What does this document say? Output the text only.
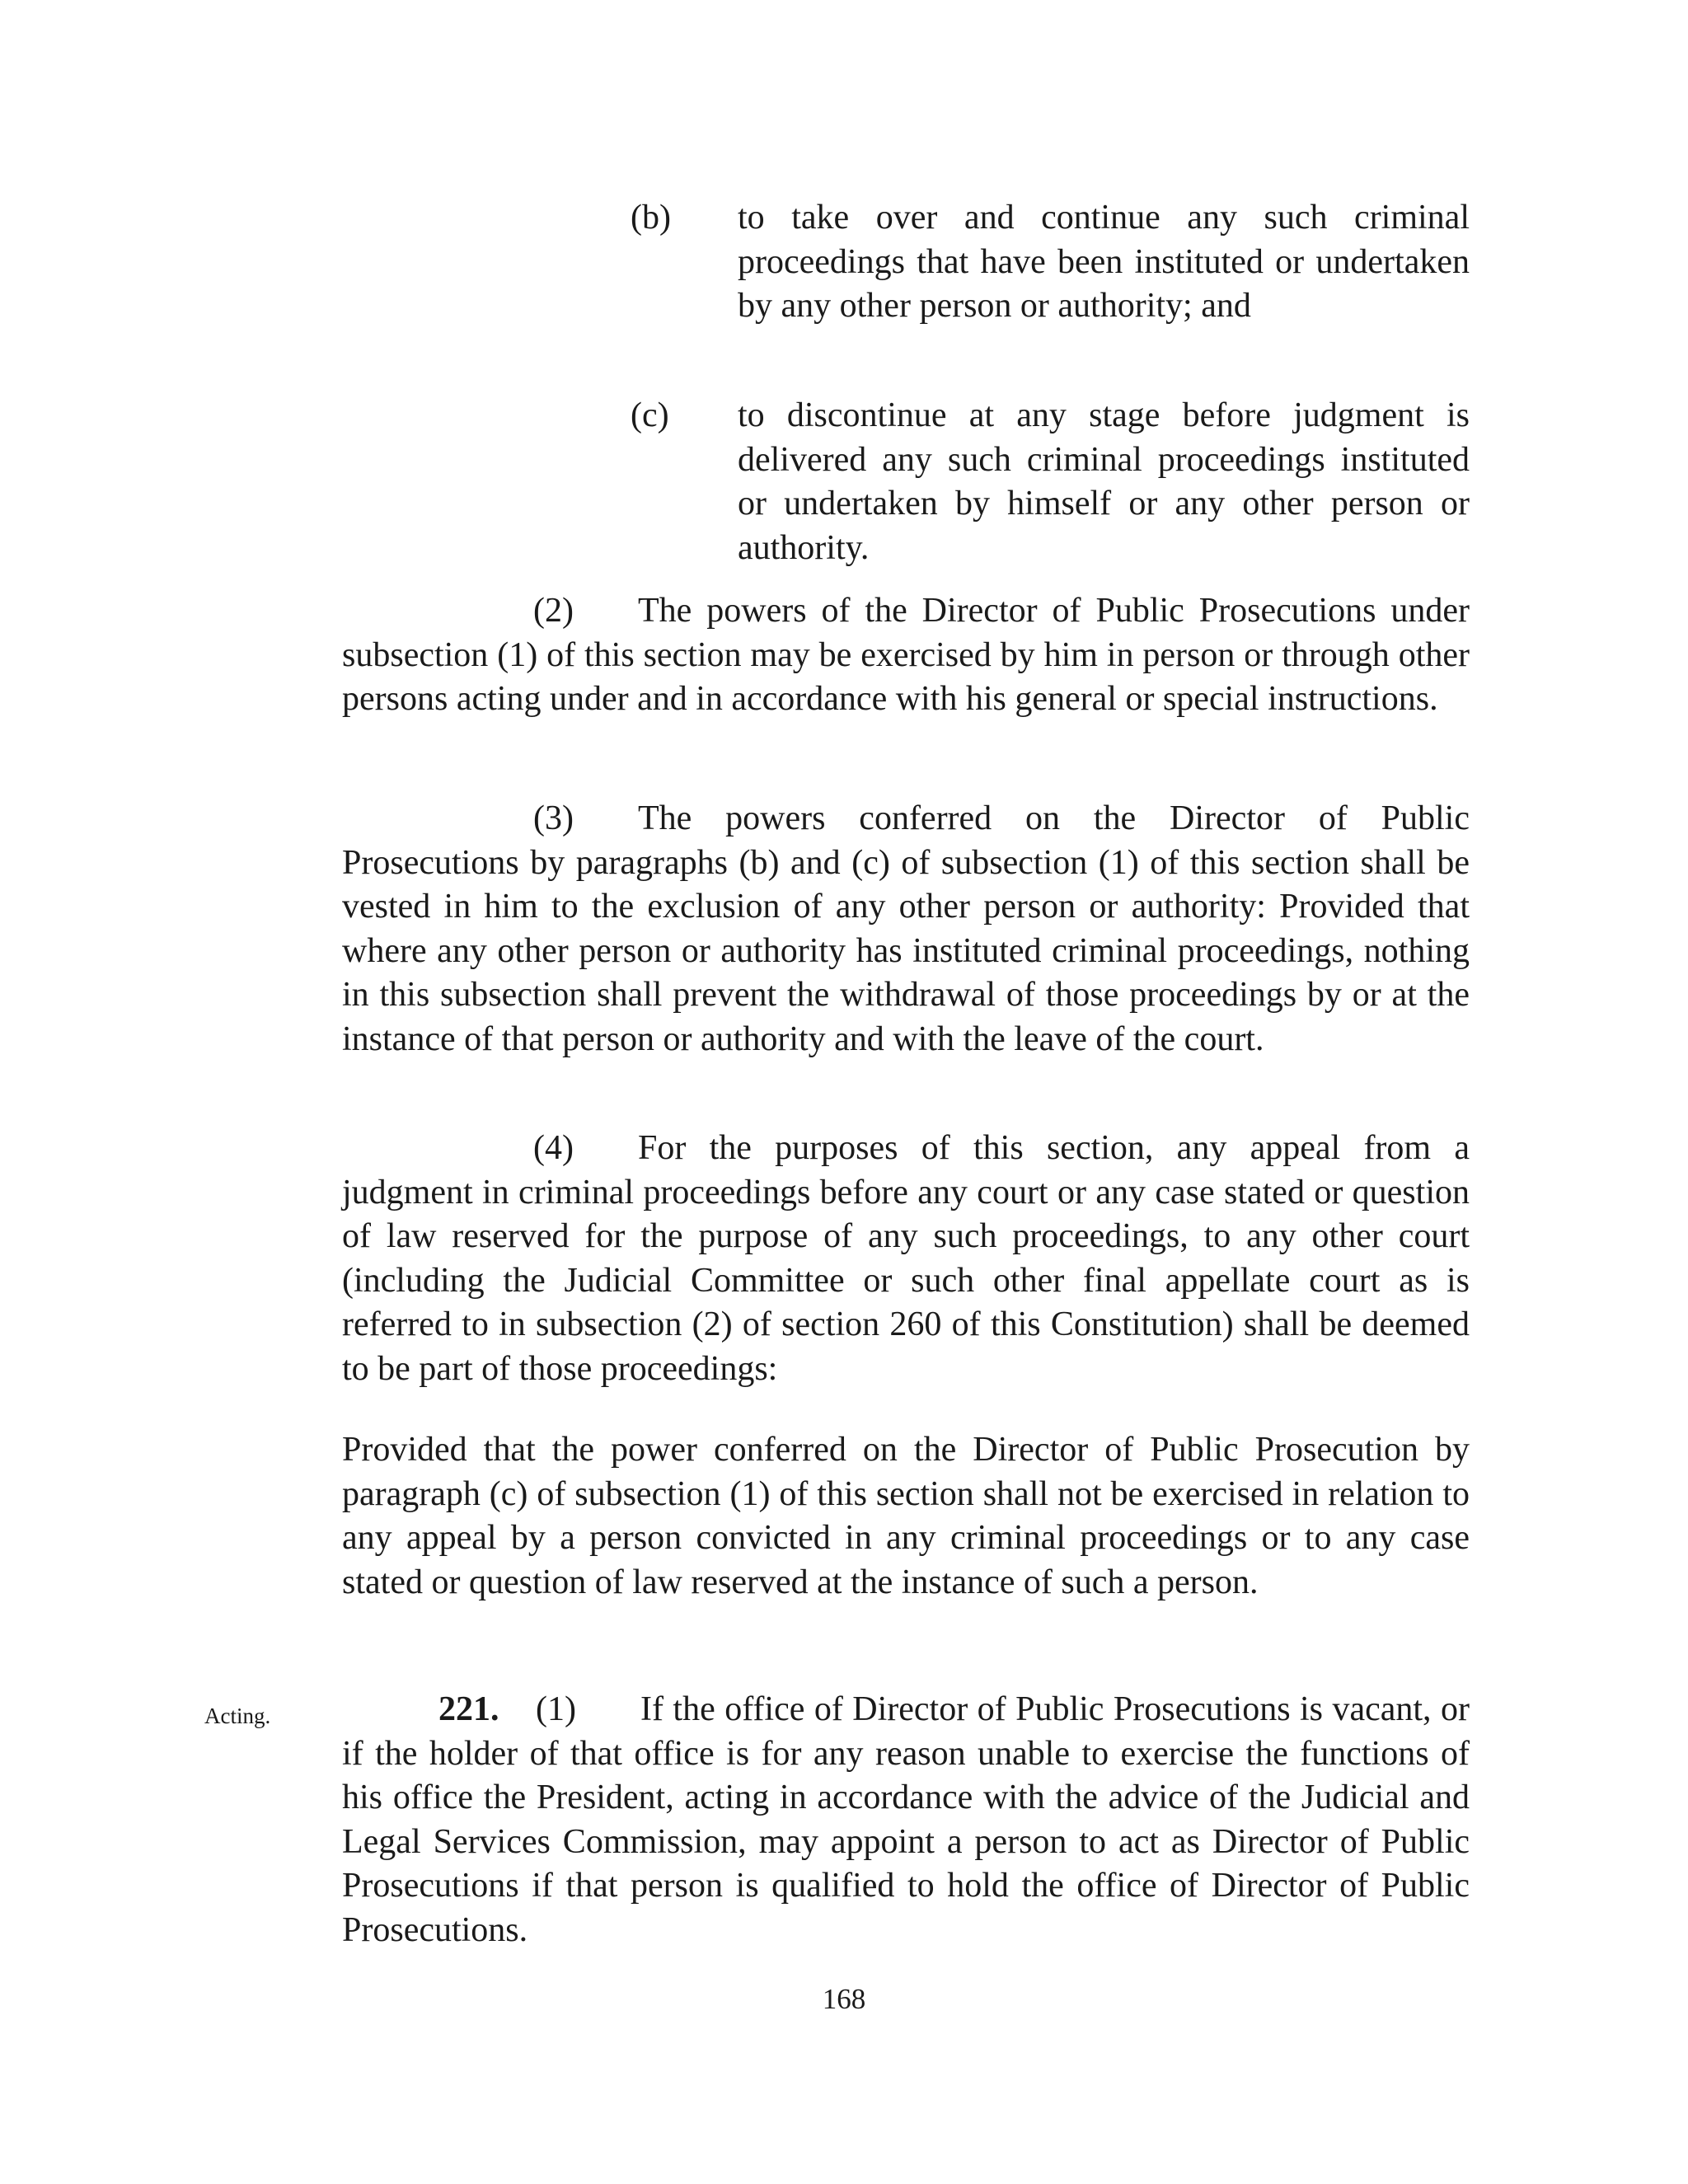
(b)	to take over and continue any such criminal proceedings that have been instituted or undertaken by any other person or authority; and
(c)	to discontinue at any stage before judgment is delivered any such criminal proceedings instituted or undertaken by himself or any other person or authority.
(2) The powers of the Director of Public Prosecutions under subsection (1) of this section may be exercised by him in person or through other persons acting under and in accordance with his general or special instructions.
(3) The powers conferred on the Director of Public Prosecutions by paragraphs (b) and (c) of subsection (1) of this section shall be vested in him to the exclusion of any other person or authority: Provided that where any other person or authority has instituted criminal proceedings, nothing in this subsection shall prevent the withdrawal of those proceedings by or at the instance of that person or authority and with the leave of the court.
(4) For the purposes of this section, any appeal from a judgment in criminal proceedings before any court or any case stated or question of law reserved for the purpose of any such proceedings, to any other court (including the Judicial Committee or such other final appellate court as is referred to in subsection (2) of section 260 of this Constitution) shall be deemed to be part of those proceedings:
Provided that the power conferred on the Director of Public Prosecution by paragraph (c) of subsection (1) of this section shall not be exercised in relation to any appeal by a person convicted in any criminal proceedings or to any case stated or question of law reserved at the instance of such a person.
Acting.	221. (1) If the office of Director of Public Prosecutions is vacant, or if the holder of that office is for any reason unable to exercise the functions of his office the President, acting in accordance with the advice of the Judicial and Legal Services Commission, may appoint a person to act as Director of Public Prosecutions if that person is qualified to hold the office of Director of Public Prosecutions.
168
